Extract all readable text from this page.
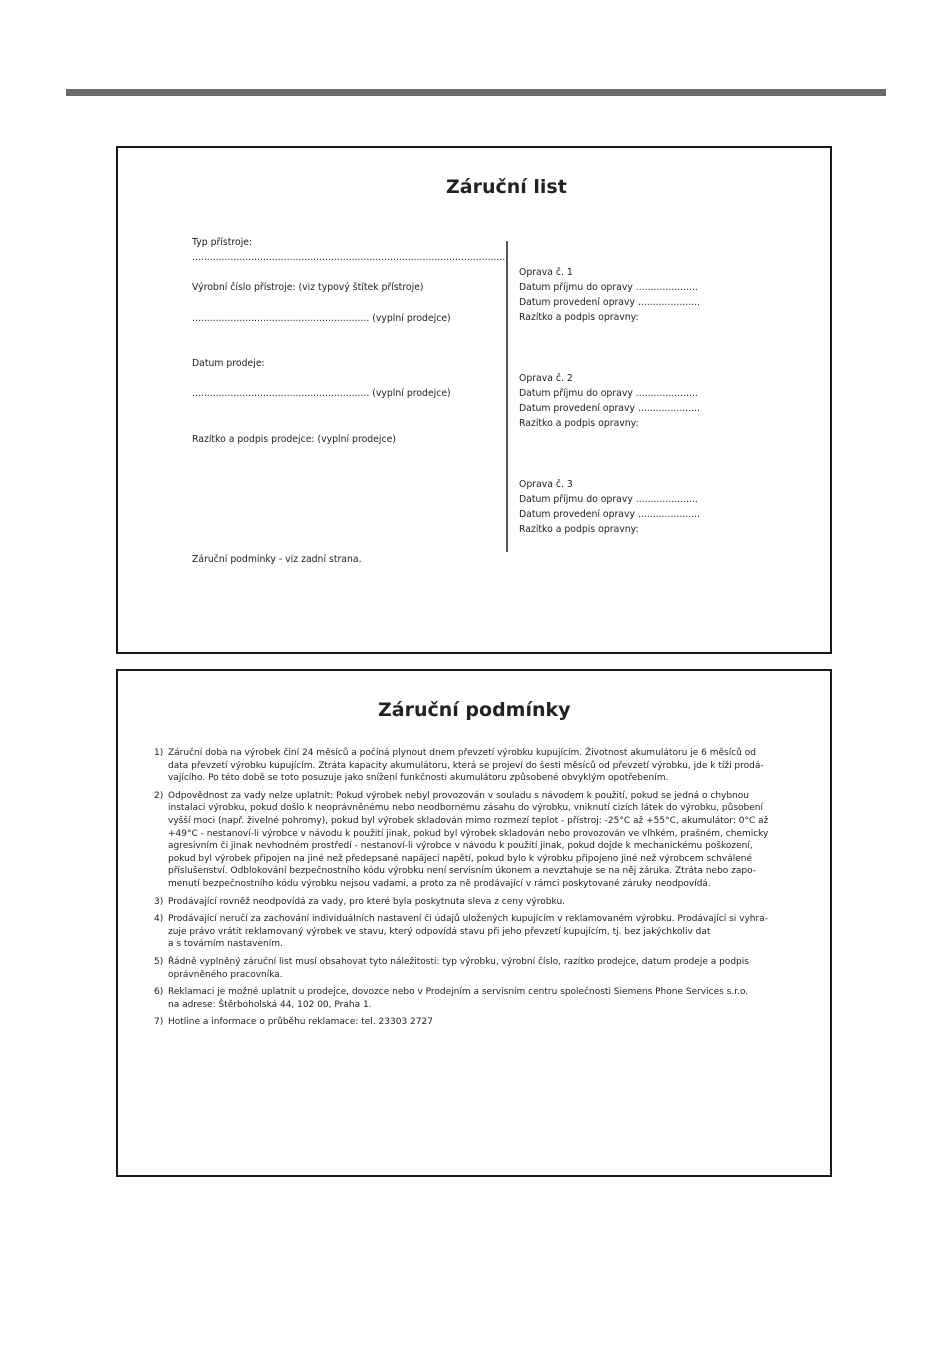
Záruční list
Typ přístroje:
..........................................................................................................
Výrobní číslo přístroje: (viz typový štítek přístroje)
............................................................ (vyplní prodejce)
Datum prodeje:
............................................................ (vyplní prodejce)
Razítko a podpis prodejce: (vyplní prodejce)
Záruční podmínky - viz zadní strana.
Oprava č. 1
Datum příjmu do opravy .....................
Datum provedení opravy .....................
Razítko a podpis opravny:
Oprava č. 2
Datum příjmu do opravy .....................
Datum provedení opravy .....................
Razítko a podpis opravny:
Oprava č. 3
Datum příjmu do opravy .....................
Datum provedení opravy .....................
Razítko a podpis opravny:
Záruční podmínky
1) Záruční doba na výrobek činí 24 měsíců a počíná plynout dnem převzetí výrobku kupujícím. Životnost akumulátoru je 6 měsíců od
data převzetí výrobku kupujícím. Ztráta kapacity akumulátoru, která se projeví do šesti měsíců od převzetí výrobku, jde k tíži prodá-
vajícího. Po této době se toto posuzuje jako snížení funkčnosti akumulátoru způsobené obvyklým opotřebením.
2) Odpovědnost za vady nelze uplatnit: Pokud výrobek nebyl provozován v souladu s návodem k použití, pokud se jedná o chybnou
instalaci výrobku, pokud došlo k neoprávněnému nebo neodbornému zásahu do výrobku, vniknutí cizích látek do výrobku, působení
vyšší moci (např. živelné pohromy), pokud byl výrobek skladován mimo rozmezí teplot - přístroj: -25°C až +55°C, akumulátor: 0°C až
+49°C - nestanoví-li výrobce v návodu k použití jinak, pokud byl výrobek skladován nebo provozován ve vlhkém, prašném, chemicky
agresivním či jinak nevhodném prostředí - nestanoví-li výrobce v návodu k použití jinak, pokud dojde k mechanickému poškození,
pokud byl výrobek připojen na jiné než předepsané napájecí napětí, pokud bylo k výrobku připojeno jiné než výrobcem schválené
příslušenství. Odblokování bezpečnostního kódu výrobku není servisním úkonem a nevztahuje se na něj záruka. Ztráta nebo zapo-
menutí bezpečnostního kódu výrobku nejsou vadami, a proto za ně prodávající v rámci poskytované záruky neodpovídá.
3) Prodávající rovněž neodpovídá za vady, pro které byla poskytnuta sleva z ceny výrobku.
4) Prodávající neručí za zachování individuálních nastavení či údajů uložených kupujícím v reklamovaném výrobku. Prodávající si vyhra-
zuje právo vrátit reklamovaný výrobek ve stavu, který odpovídá stavu při jeho převzetí kupujícím, tj. bez jakýchkoliv dat
a s továrním nastavením.
5) Řádně vyplněný záruční list musí obsahovat tyto náležitosti: typ výrobku, výrobní číslo, razítko prodejce, datum prodeje a podpis
oprávněného pracovníka.
6) Reklamaci je možné uplatnit u prodejce, dovozce nebo v Prodejním a servisním centru společnosti Siemens Phone Services s.r.o.
na adrese: Štěrboholská 44, 102 00, Praha 1.
7) Hotline a informace o průběhu reklamace: tel. 23303 2727
